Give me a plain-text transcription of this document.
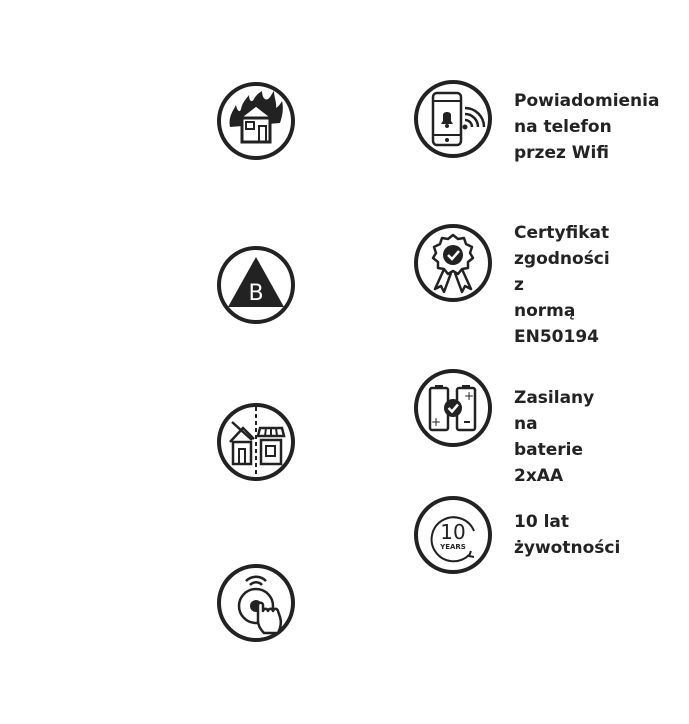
B
Powiadomienia
na telefon
przez Wifi
Certyfikat
zgodności z
normą
EN50194
+
+ Zasilany na
baterie 2xAA
10
YEARS
10 lat
żywotności
